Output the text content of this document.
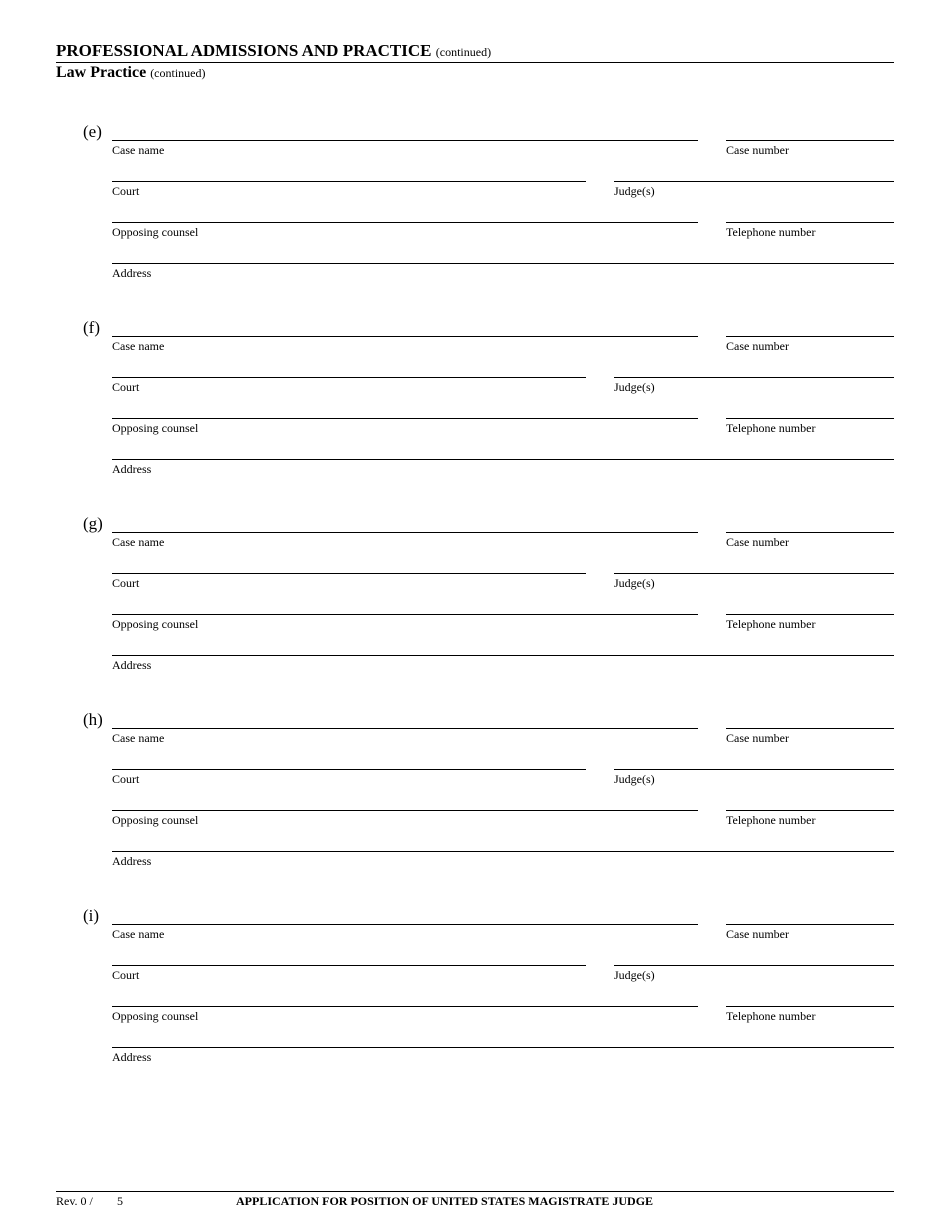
PROFESSIONAL ADMISSIONS AND PRACTICE (continued)
Law Practice (continued)
(e)
Case name	Case number
Court	Judge(s)
Opposing counsel	Telephone number
Address
(f)
Case name	Case number
Court	Judge(s)
Opposing counsel	Telephone number
Address
(g)
Case name	Case number
Court	Judge(s)
Opposing counsel	Telephone number
Address
(h)
Case name	Case number
Court	Judge(s)
Opposing counsel	Telephone number
Address
(i)
Case name	Case number
Court	Judge(s)
Opposing counsel	Telephone number
Address
Rev. 0 / 5	APPLICATION FOR POSITION OF UNITED STATES MAGISTRATE JUDGE
